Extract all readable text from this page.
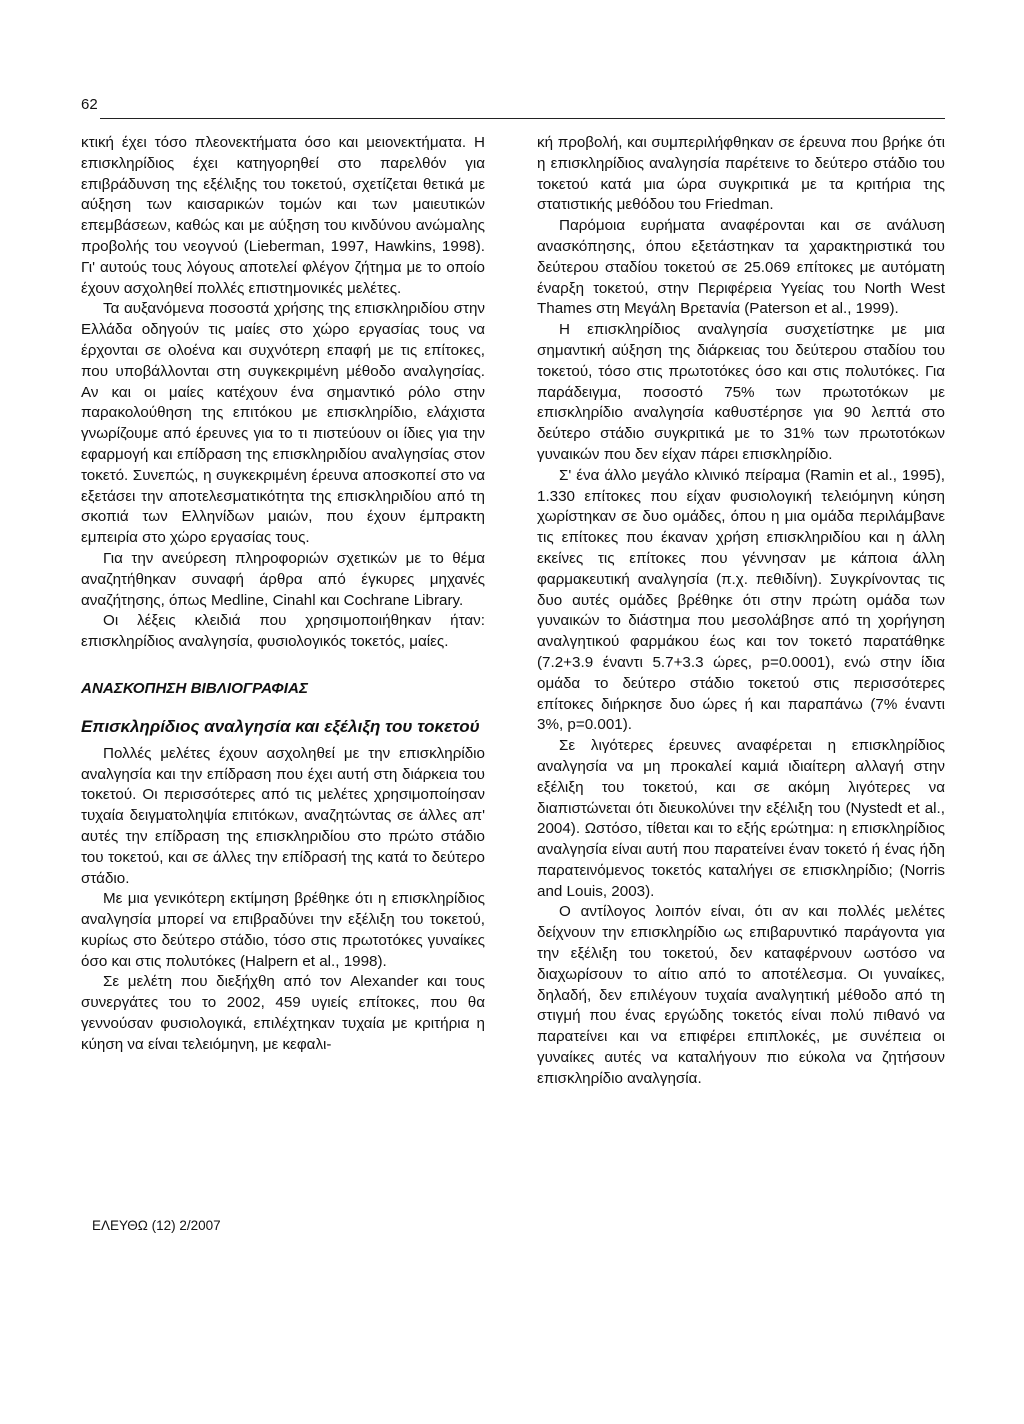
62

κτική έχει τόσο πλεονεκτήματα όσο και μειονεκτήματα. Η επισκληρίδιος έχει κατηγορηθεί στο παρελθόν για επιβράδυνση της εξέλιξης του τοκετού, σχετίζεται θετικά με αύξηση των καισαρικών τομών και των μαιευτικών επεμβάσεων, καθώς και με αύξηση του κινδύνου ανώμαλης προβολής του νεογνού (Lieberman, 1997, Hawkins, 1998). Γι' αυτούς τους λόγους αποτελεί φλέγον ζήτημα με το οποίο έχουν ασχοληθεί πολλές επιστημονικές μελέτες.

Τα αυξανόμενα ποσοστά χρήσης της επισκληριδίου στην Ελλάδα οδηγούν τις μαίες στο χώρο εργασίας τους να έρχονται σε ολοένα και συχνότερη επαφή με τις επίτοκες, που υποβάλλονται στη συγκεκριμένη μέθοδο αναλγησίας. Αν και οι μαίες κατέχουν ένα σημαντικό ρόλο στην παρακολούθηση της επιτόκου με επισκληρίδιο, ελάχιστα γνωρίζουμε από έρευνες για το τι πιστεύουν οι ίδιες για την εφαρμογή και επίδραση της επισκληριδίου αναλγησίας στον τοκετό. Συνεπώς, η συγκεκριμένη έρευνα αποσκοπεί στο να εξετάσει την αποτελεσματικότητα της επισκληριδίου από τη σκοπιά των Ελληνίδων μαιών, που έχουν έμπρακτη εμπειρία στο χώρο εργασίας τους.

Για την ανεύρεση πληροφοριών σχετικών με το θέμα αναζητήθηκαν συναφή άρθρα από έγκυρες μηχανές αναζήτησης, όπως Medline, Cinahl και Cochrane Library.

Οι λέξεις κλειδιά που χρησιμοποιήθηκαν ήταν: επισκληρίδιος αναλγησία, φυσιολογικός τοκετός, μαίες.

ΑΝΑΣΚΟΠΗΣΗ ΒΙΒΛΙΟΓΡΑΦΙΑΣ
Επισκληρίδιος αναλγησία και εξέλιξη του τοκετού

Πολλές μελέτες έχουν ασχοληθεί με την επισκληρίδιο αναλγησία και την επίδραση που έχει αυτή στη διάρκεια του τοκετού. Οι περισσότερες από τις μελέτες χρησιμοποίησαν τυχαία δειγματοληψία επιτόκων, αναζητώντας σε άλλες απ' αυτές την επίδραση της επισκληριδίου στο πρώτο στάδιο του τοκετού, και σε άλλες την επίδρασή της κατά το δεύτερο στάδιο.

Με μια γενικότερη εκτίμηση βρέθηκε ότι η επισκληρίδιος αναλγησία μπορεί να επιβραδύνει την εξέλιξη του τοκετού, κυρίως στο δεύτερο στάδιο, τόσο στις πρωτοτόκες γυναίκες όσο και στις πολυτόκες (Halpern et al., 1998).

Σε μελέτη που διεξήχθη από τον Alexander και τους συνεργάτες του το 2002, 459 υγιείς επίτοκες, που θα γεννούσαν φυσιολογικά, επιλέχτηκαν τυχαία με κριτήρια η κύηση να είναι τελειόμηνη, με κεφαλι-

κή προβολή, και συμπεριλήφθηκαν σε έρευνα που βρήκε ότι η επισκληρίδιος αναλγησία παρέτεινε το δεύτερο στάδιο του τοκετού κατά μια ώρα συγκριτικά με τα κριτήρια της στατιστικής μεθόδου του Friedman.

Παρόμοια ευρήματα αναφέρονται και σε ανάλυση ανασκόπησης, όπου εξετάστηκαν τα χαρακτηριστικά του δεύτερου σταδίου τοκετού σε 25.069 επίτοκες με αυτόματη έναρξη τοκετού, στην Περιφέρεια Υγείας του North West Thames στη Μεγάλη Βρετανία (Paterson et al., 1999).

Η επισκληρίδιος αναλγησία συσχετίστηκε με μια σημαντική αύξηση της διάρκειας του δεύτερου σταδίου του τοκετού, τόσο στις πρωτοτόκες όσο και στις πολυτόκες. Για παράδειγμα, ποσοστό 75% των πρωτοτόκων με επισκληρίδιο αναλγησία καθυστέρησε για 90 λεπτά στο δεύτερο στάδιο συγκριτικά με το 31% των πρωτοτόκων γυναικών που δεν είχαν πάρει επισκληρίδιο.

Σ' ένα άλλο μεγάλο κλινικό πείραμα (Ramin et al., 1995), 1.330 επίτοκες που είχαν φυσιολογική τελειόμηνη κύηση χωρίστηκαν σε δυο ομάδες, όπου η μια ομάδα περιλάμβανε τις επίτοκες που έκαναν χρήση επισκληριδίου και η άλλη εκείνες τις επίτοκες που γέννησαν με κάποια άλλη φαρμακευτική αναλγησία (π.χ. πεθιδίνη). Συγκρίνοντας τις δυο αυτές ομάδες βρέθηκε ότι στην πρώτη ομάδα των γυναικών το διάστημα που μεσολάβησε από τη χορήγηση αναλγητικού φαρμάκου έως και τον τοκετό παρατάθηκε (7.2+3.9 έναντι 5.7+3.3 ώρες, p=0.0001), ενώ στην ίδια ομάδα το δεύτερο στάδιο τοκετού στις περισσότερες επίτοκες διήρκησε δυο ώρες ή και παραπάνω (7% έναντι 3%, p=0.001).

Σε λιγότερες έρευνες αναφέρεται η επισκληρίδιος αναλγησία να μη προκαλεί καμιά ιδιαίτερη αλλαγή στην εξέλιξη του τοκετού, και σε ακόμη λιγότερες να διαπιστώνεται ότι διευκολύνει την εξέλιξη του (Nystedt et al., 2004). Ωστόσο, τίθεται και το εξής ερώτημα: η επισκληρίδιος αναλγησία είναι αυτή που παρατείνει έναν τοκετό ή ένας ήδη παρατεινόμενος τοκετός καταλήγει σε επισκληρίδιο; (Norris and Louis, 2003).

Ο αντίλογος λοιπόν είναι, ότι αν και πολλές μελέτες δείχνουν την επισκληρίδιο ως επιβαρυντικό παράγοντα για την εξέλιξη του τοκετού, δεν καταφέρνουν ωστόσο να διαχωρίσουν το αίτιο από το αποτέλεσμα. Οι γυναίκες, δηλαδή, δεν επιλέγουν τυχαία αναλγητική μέθοδο από τη στιγμή που ένας εργώδης τοκετός είναι πολύ πιθανό να παρατείνει και να επιφέρει επιπλοκές, με συνέπεια οι γυναίκες αυτές να καταλήγουν πιο εύκολα να ζητήσουν επισκληρίδιο αναλγησία.

ΕΛΕΥΘΩ (12) 2/2007
